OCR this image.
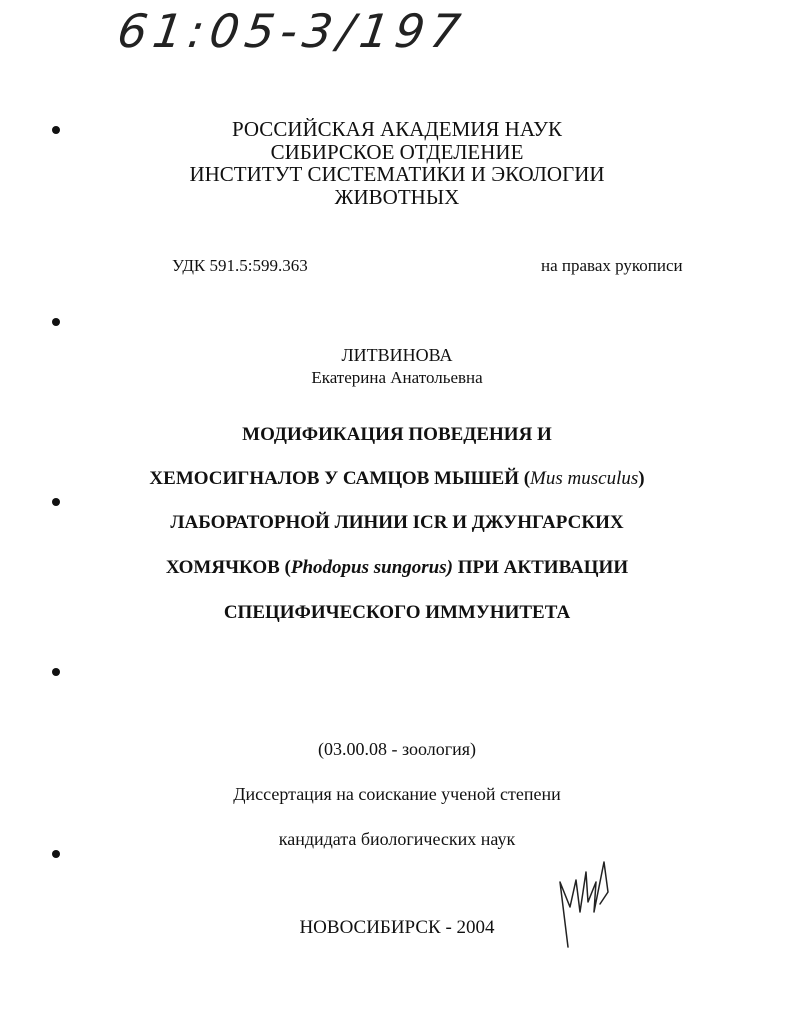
61:05-3/197
РОССИЙСКАЯ АКАДЕМИЯ НАУК
СИБИРСКОЕ ОТДЕЛЕНИЕ
ИНСТИТУТ СИСТЕМАТИКИ И ЭКОЛОГИИ
ЖИВОТНЫХ
УДК 591.5:599.363	на правах рукописи
ЛИТВИНОВА
Екатерина Анатольевна
МОДИФИКАЦИЯ ПОВЕДЕНИЯ И
ХЕМОСИГНАЛОВ У САМЦОВ МЫШЕЙ (Mus musculus)
ЛАБОРАТОРНОЙ ЛИНИИ ICR И ДЖУНГАРСКИХ
ХОМЯЧКОВ (Phodopus sungorus) ПРИ АКТИВАЦИИ
СПЕЦИФИЧЕСКОГО ИММУНИТЕТА
(03.00.08 - зоология)
Диссертация на соискание ученой степени
кандидата биологических наук
НОВОСИБИРСК - 2004
